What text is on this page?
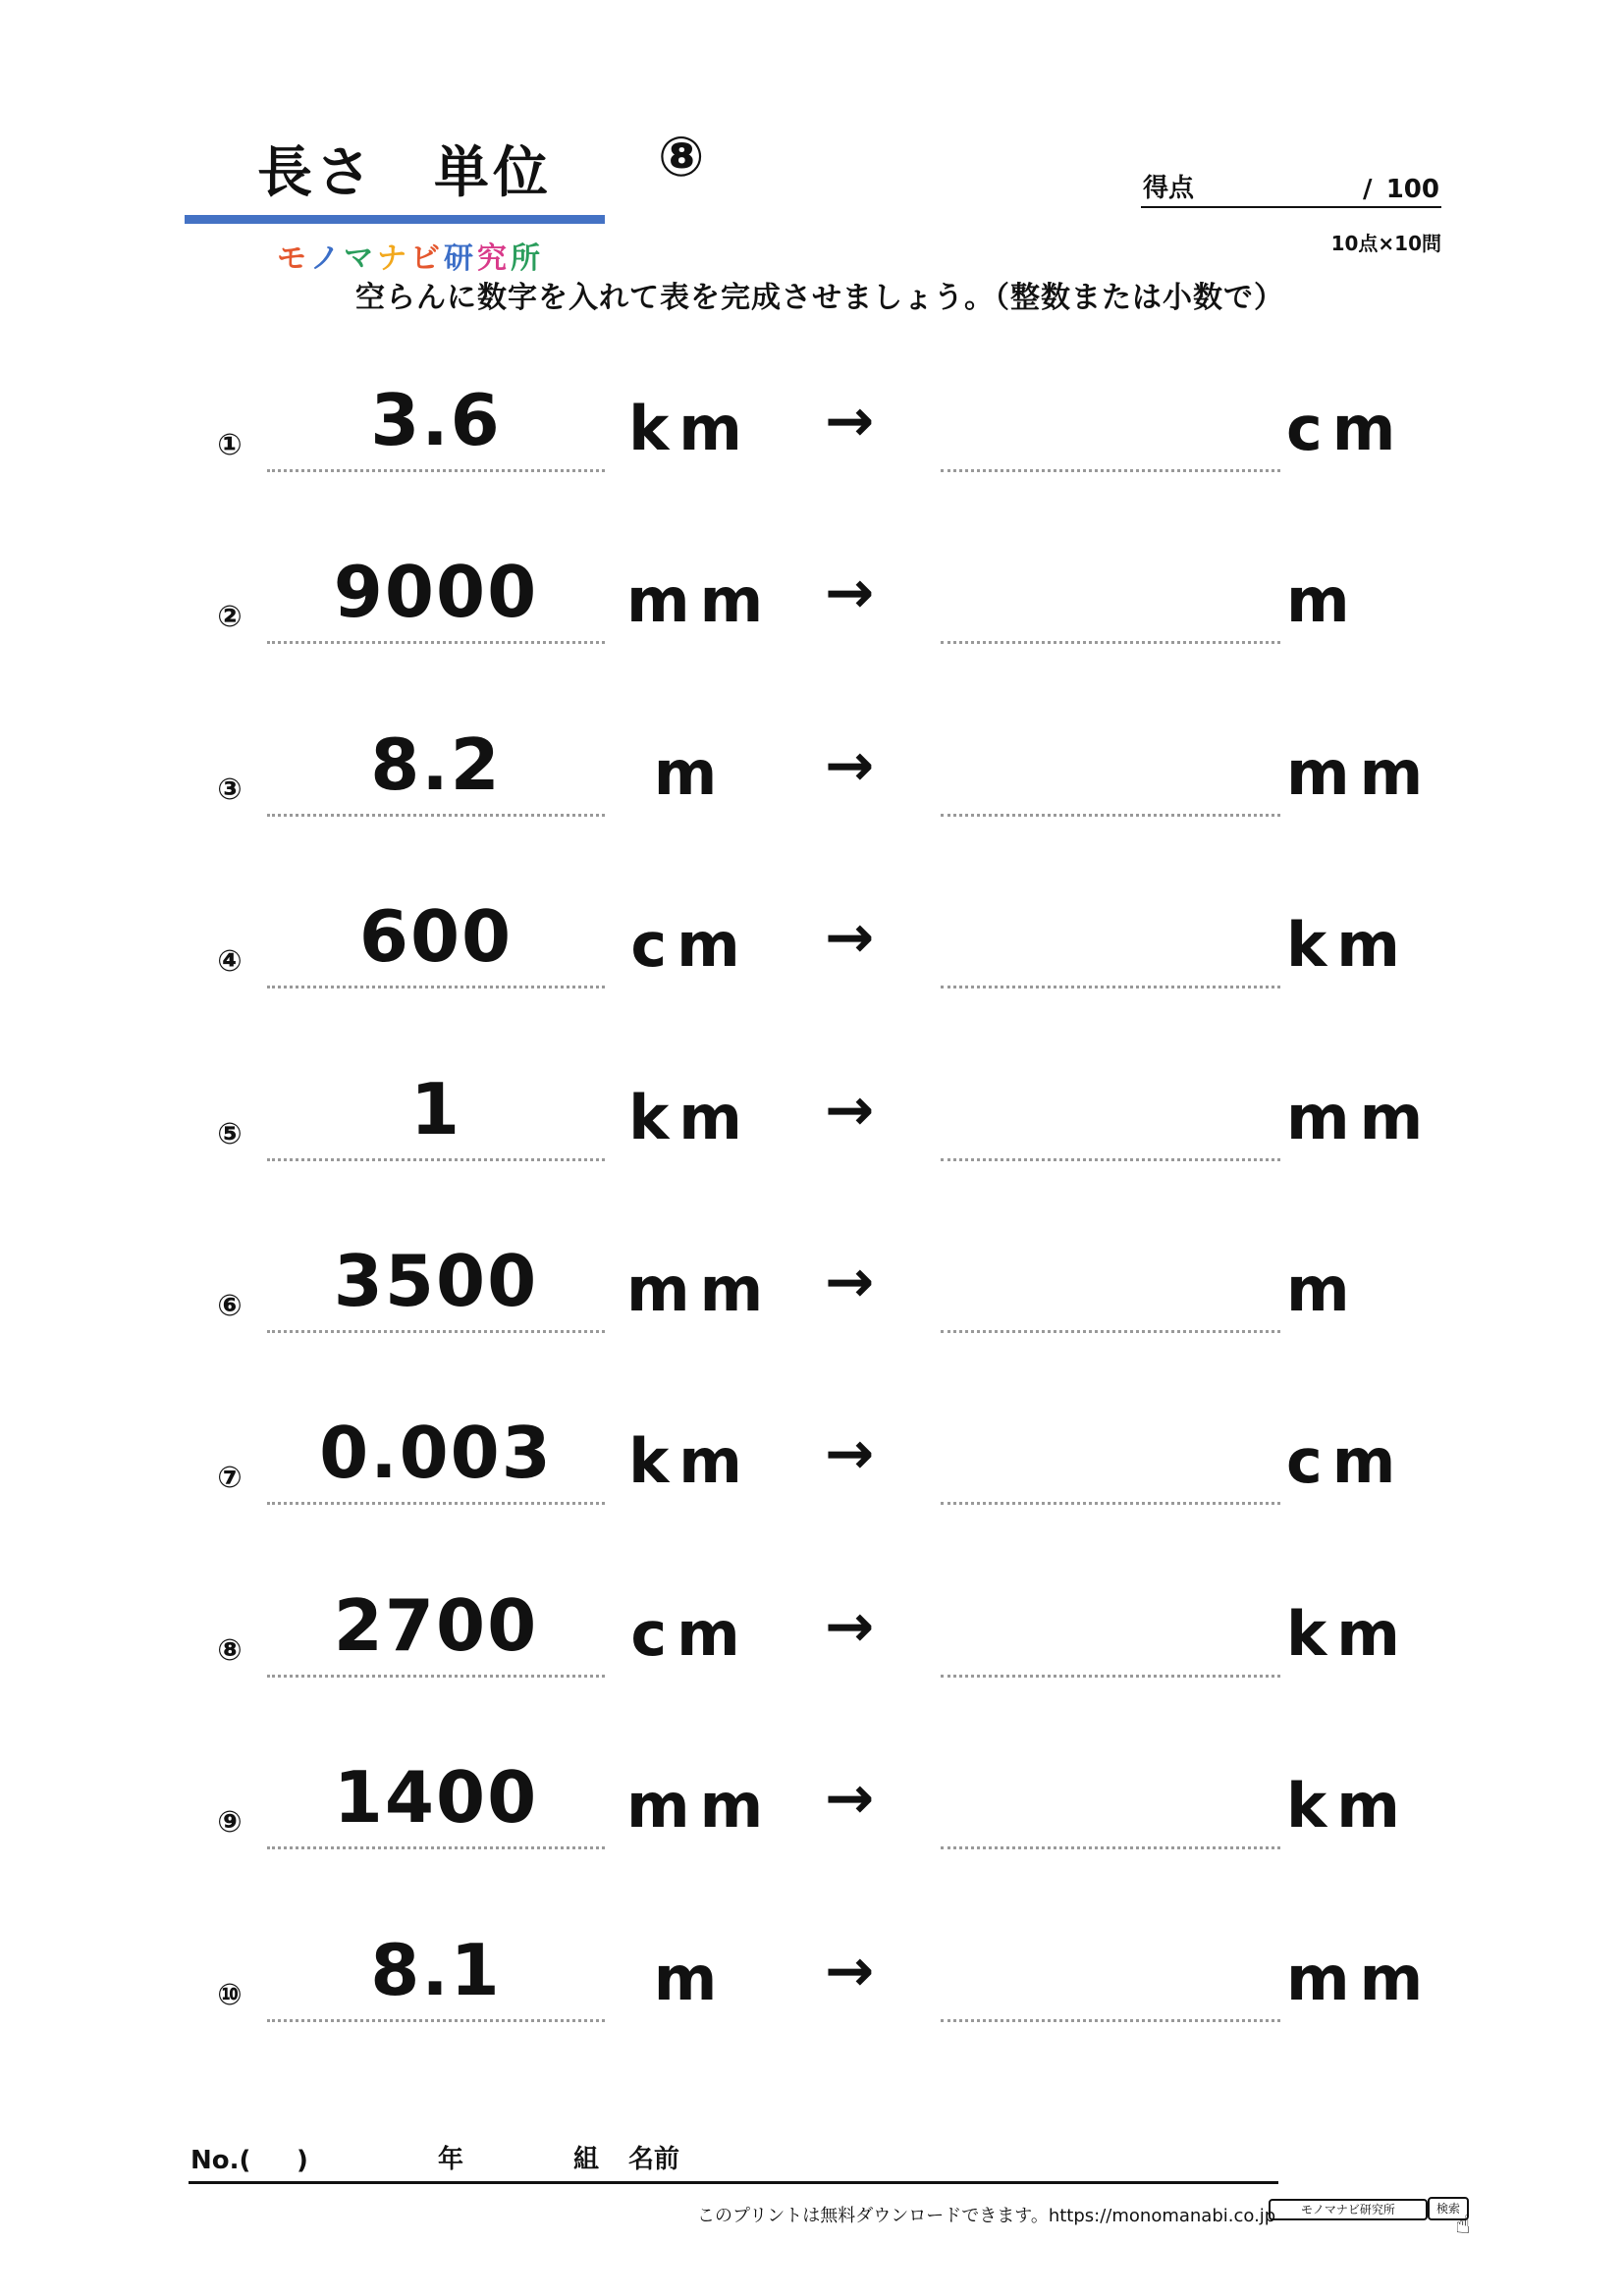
長さ　単位 ⑧
モノマナビ研究所
得点	/ 100
10点×10問
空らんに数字を入れて表を完成させましょう。（整数または小数で）
①	3.6	km →	cm
②	9000	mm →	m
③	8.2	m	→	mm
④	600	cm →	km
⑤	1	km →	mm
⑥	3500	mm →	m
⑦	0.003	km →	cm
⑧	2700	cm →	km
⑨	1400	mm →	km
⑩	8.1	m	→	mm
No.( )	年	組 名前
このプリントは無料ダウンロードできます。https://monomanabi.co.jp	モノマナビ研究所	検索
☝
